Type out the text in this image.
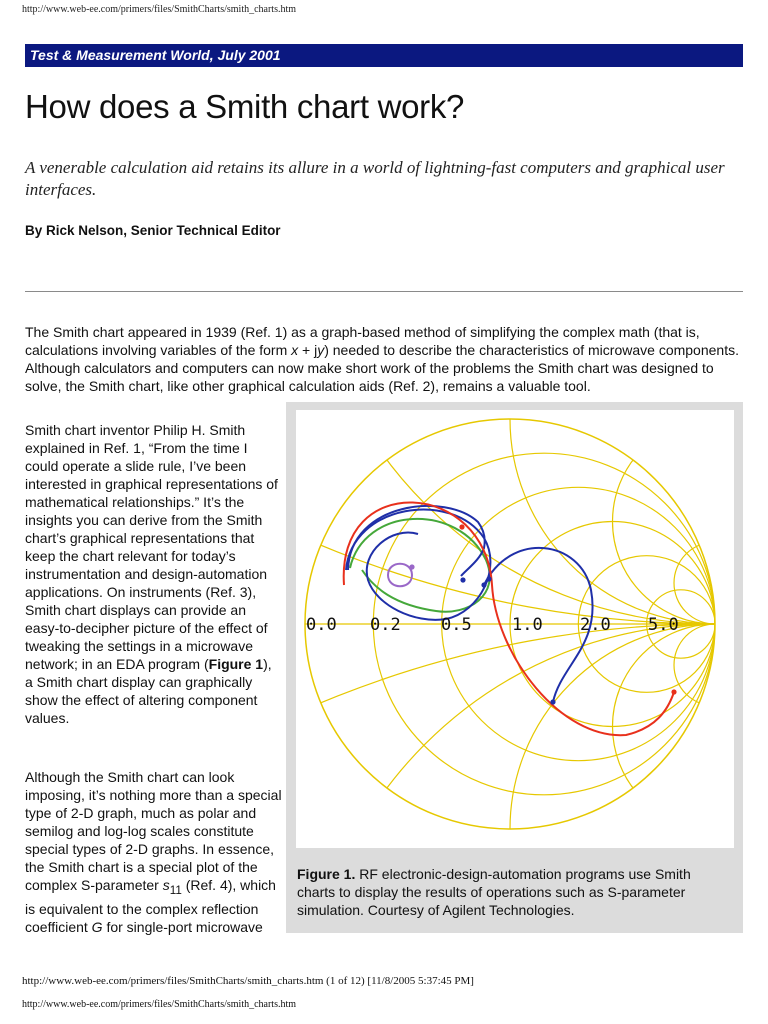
http://www.web-ee.com/primers/files/SmithCharts/smith_charts.htm
Test & Measurement World, July 2001
How does a Smith chart work?

A venerable calculation aid retains its allure in a world of lightning-fast computers and graphical user interfaces.

By Rick Nelson, Senior Technical Editor

The Smith chart appeared in 1939 (Ref. 1) as a graph-based method of simplifying the complex math (that is, calculations involving variables of the form x + jy) needed to describe the characteristics of microwave components. Although calculators and computers can now make short work of the problems the Smith chart was designed to solve, the Smith chart, like other graphical calculation aids (Ref. 2), remains a valuable tool.

Smith chart inventor Philip H. Smith explained in Ref. 1, “From the time I could operate a slide rule, I’ve been interested in graphical representations of mathematical relationships.” It’s the insights you can derive from the Smith chart’s graphical representations that keep the chart relevant for today’s instrumentation and design-automation applications. On instruments (Ref. 3), Smith chart displays can provide an easy-to-decipher picture of the effect of tweaking the settings in a microwave network; in an EDA program (Figure 1), a Smith chart display can graphically show the effect of altering component values.

Although the Smith chart can look imposing, it’s nothing more than a special type of 2-D graph, much as polar and semilog and log-log scales constitute special types of 2-D graphs. In essence, the Smith chart is a special plot of the complex S-parameter $s_{11}$ (Ref. 4), which is equivalent to the complex reflection coefficient G for single-port microwave

0.0 0.2 0.5 1.0 2.0 5.0

Figure 1. RF electronic-design-automation programs use Smith charts to display the results of operations such as S-parameter simulation. Courtesy of Agilent Technologies.

http://www.web-ee.com/primers/files/SmithCharts/smith_charts.htm (1 of 12) [11/8/2005 5:37:45 PM]
http://www.web-ee.com/primers/files/SmithCharts/smith_charts.htm
